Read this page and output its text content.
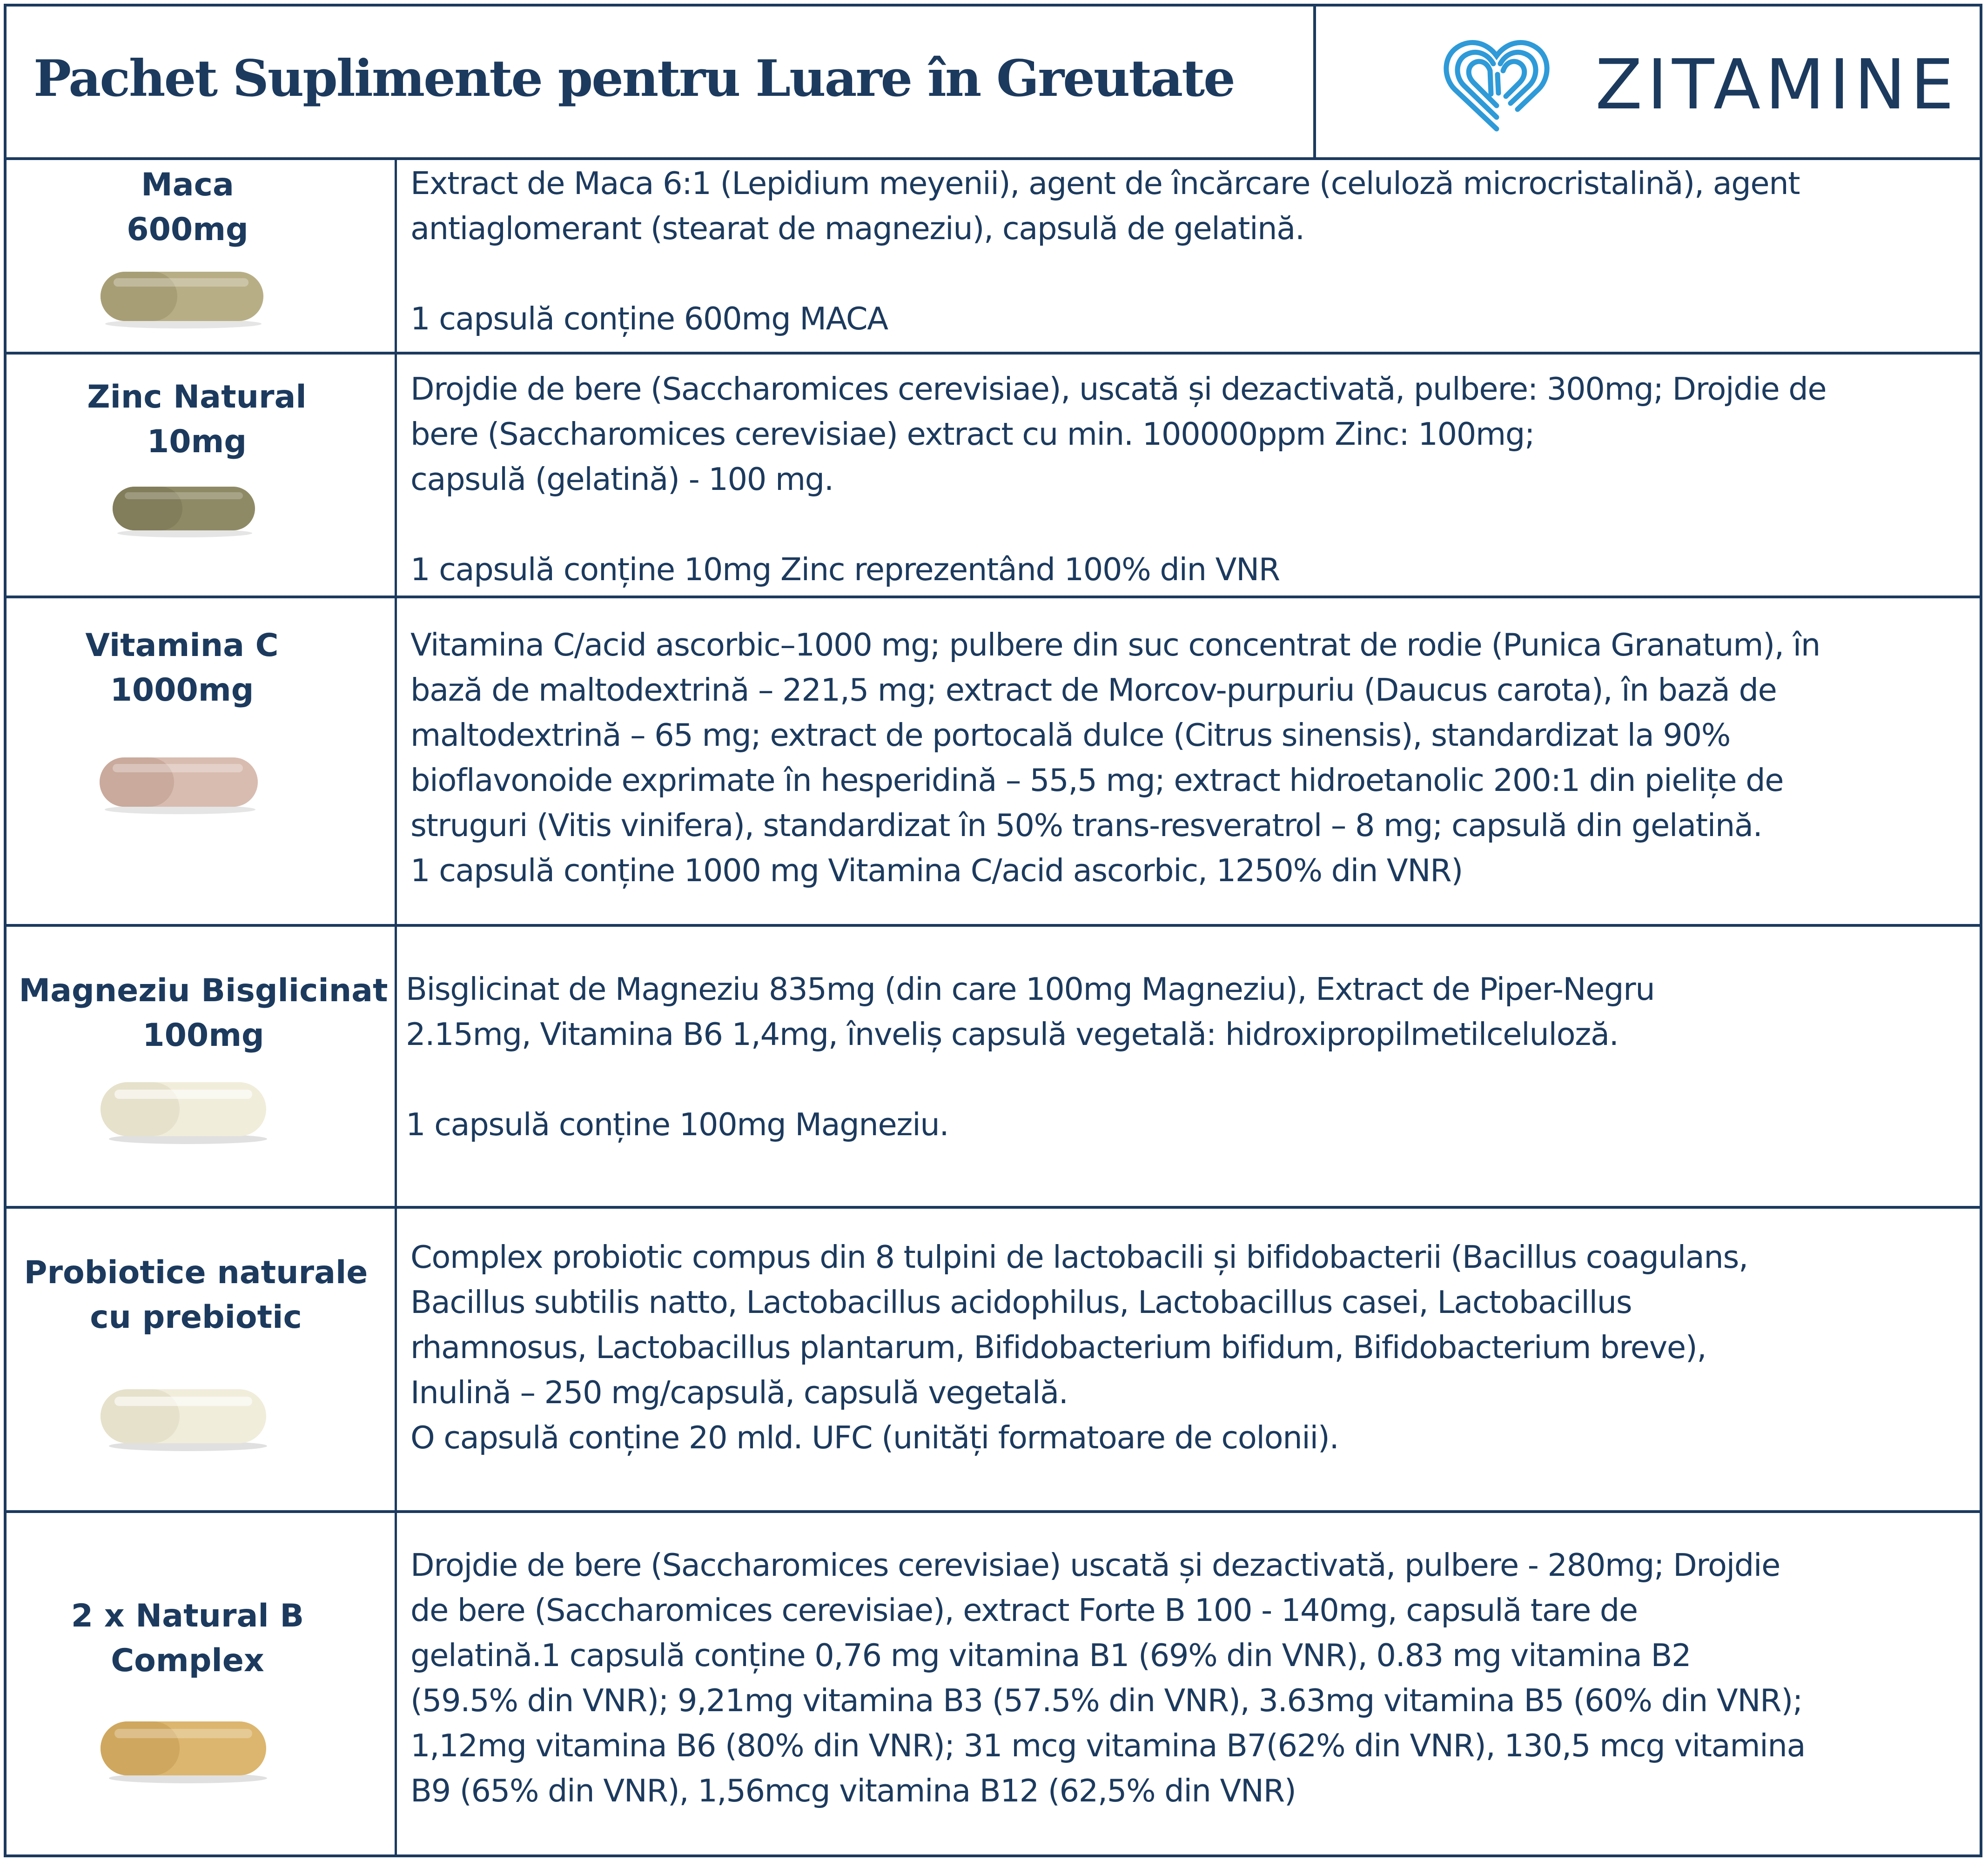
Pachet Suplimente pentru Luare în Greutate	ZITAMINE
Maca
600mg
Extract de Maca 6:1 (Lepidium meyenii), agent de încărcare (celuloză microcristalină), agent
antiaglomerant (stearat de magneziu), capsulă de gelatină.
1 capsulă conține 600mg MACA
Zinc Natural
10mg
Drojdie de bere (Saccharomices cerevisiae), uscată și dezactivată, pulbere: 300mg; Drojdie de
bere (Saccharomices cerevisiae) extract cu min. 100000ppm Zinc: 100mg;
capsulă (gelatină) - 100 mg.
1 capsulă conține 10mg Zinc reprezentând 100% din VNR
Vitamina C
1000mg
Vitamina C/acid ascorbic–1000 mg; pulbere din suc concentrat de rodie (Punica Granatum), în
bază de maltodextrină – 221,5 mg; extract de Morcov-purpuriu (Daucus carota), în bază de
maltodextrină – 65 mg; extract de portocală dulce (Citrus sinensis), standardizat la 90%
bioflavonoide exprimate în hesperidină – 55,5 mg; extract hidroetanolic 200:1 din pielițe de
struguri (Vitis vinifera), standardizat în 50% trans-resveratrol – 8 mg; capsulă din gelatină.
1 capsulă conține 1000 mg Vitamina C/acid ascorbic, 1250% din VNR)
Magneziu Bisglicinat
100mg
Bisglicinat de Magneziu 835mg (din care 100mg Magneziu), Extract de Piper-Negru
2.15mg, Vitamina B6 1,4mg, înveliș capsulă vegetală: hidroxipropilmetilceluloză.
1 capsulă conține 100mg Magneziu.
Probiotice naturale
cu prebiotic
Complex probiotic compus din 8 tulpini de lactobacili și bifidobacterii (Bacillus coagulans,
Bacillus subtilis natto, Lactobacillus acidophilus, Lactobacillus casei, Lactobacillus
rhamnosus, Lactobacillus plantarum, Bifidobacterium bifidum, Bifidobacterium breve),
Inulină – 250 mg/capsulă, capsulă vegetală.
O capsulă conține 20 mld. UFC (unități formatoare de colonii).
2 x Natural B
Complex
Drojdie de bere (Saccharomices cerevisiae) uscată și dezactivată, pulbere - 280mg; Drojdie
de bere (Saccharomices cerevisiae), extract Forte B 100 - 140mg, capsulă tare de
gelatină.1 capsulă conține 0,76 mg vitamina B1 (69% din VNR), 0.83 mg vitamina B2
(59.5% din VNR); 9,21mg vitamina B3 (57.5% din VNR), 3.63mg vitamina B5 (60% din VNR);
1,12mg vitamina B6 (80% din VNR); 31 mcg vitamina B7(62% din VNR), 130,5 mcg vitamina
B9 (65% din VNR), 1,56mcg vitamina B12 (62,5% din VNR)
